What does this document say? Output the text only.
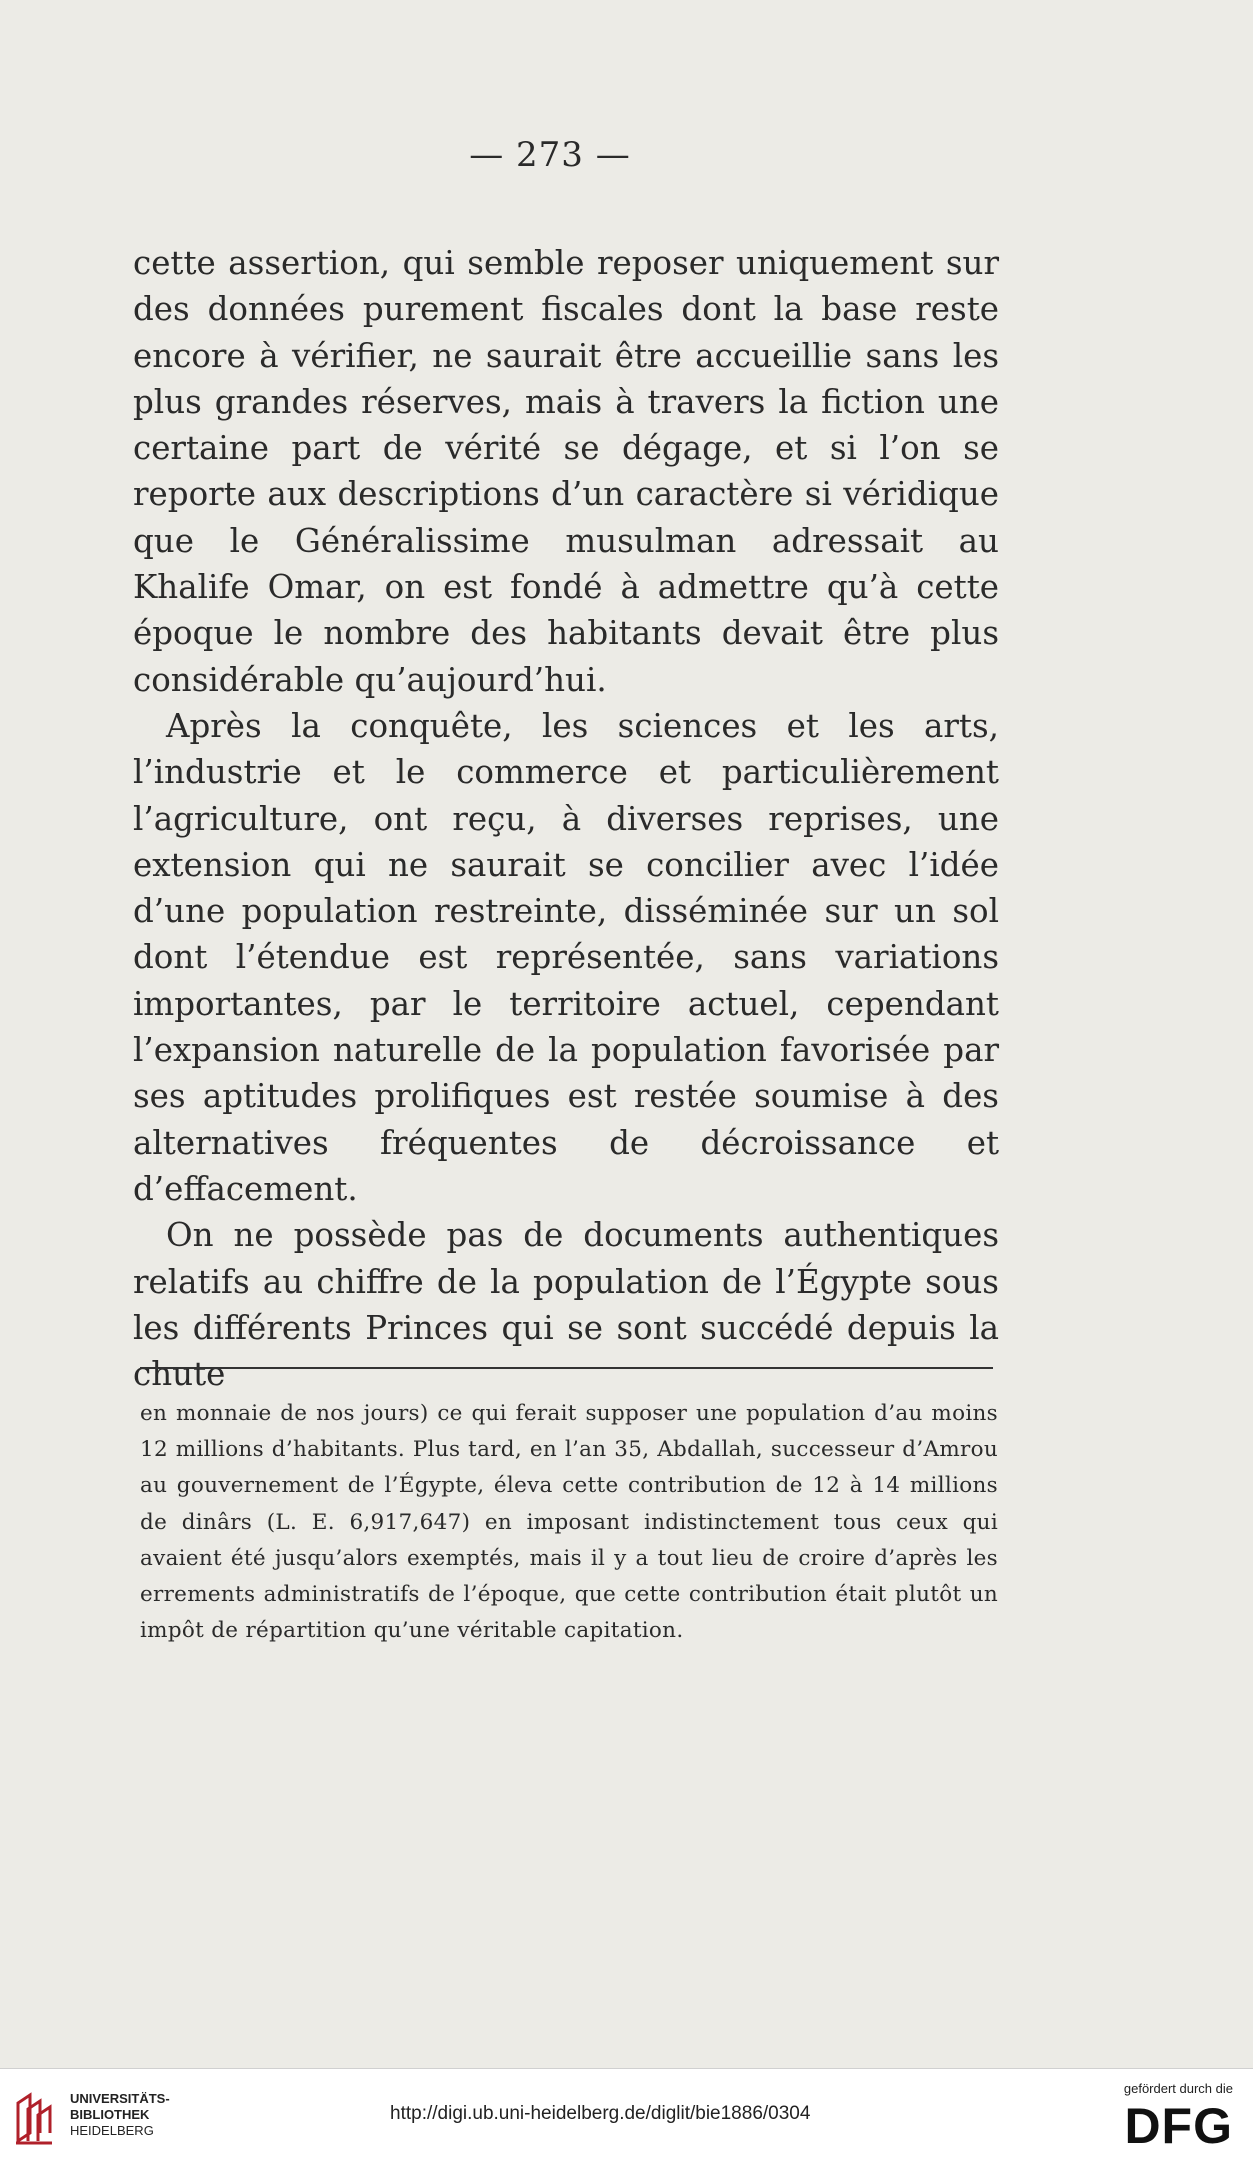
— 273 —

cette assertion, qui semble reposer uniquement sur des données purement fiscales dont la base reste encore à vérifier, ne saurait être accueillie sans les plus grandes réserves, mais à travers la fiction une certaine part de vérité se dégage, et si l’on se reporte aux descriptions d’un caractère si véridique que le Généralissime musulman adressait au Khalife Omar, on est fondé à admettre qu’à cette époque le nombre des habitants devait être plus considérable qu’aujourd’hui.

Après la conquête, les sciences et les arts, l’industrie et le commerce et particulièrement l’agriculture, ont reçu, à diverses reprises, une extension qui ne saurait se concilier avec l’idée d’une population restreinte, disséminée sur un sol dont l’étendue est représentée, sans variations importantes, par le territoire actuel, cependant l’expansion naturelle de la population favorisée par ses aptitudes prolifiques est restée soumise à des alternatives fréquentes de décroissance et d’effacement.

On ne possède pas de documents authentiques relatifs au chiffre de la population de l’Égypte sous les différents Princes qui se sont succédé depuis la chute

en monnaie de nos jours) ce qui ferait supposer une population d’au moins 12 millions d’habitants. Plus tard, en l’an 35, Abdallah, successeur d’Amrou au gouvernement de l’Égypte, éleva cette contribution de 12 à 14 millions de dinârs (L. E. 6,917,647) en imposant indistinctement tous ceux qui avaient été jusqu’alors exemptés, mais il y a tout lieu de croire d’après les errements administratifs de l’époque, que cette contribution était plutôt un impôt de répartition qu’une véritable capitation.

UNIVERSITÄTS-
BIBLIOTHEK
HEIDELBERG
http://digi.ub.uni-heidelberg.de/diglit/bie1886/0304
gefördert durch die
DFG
